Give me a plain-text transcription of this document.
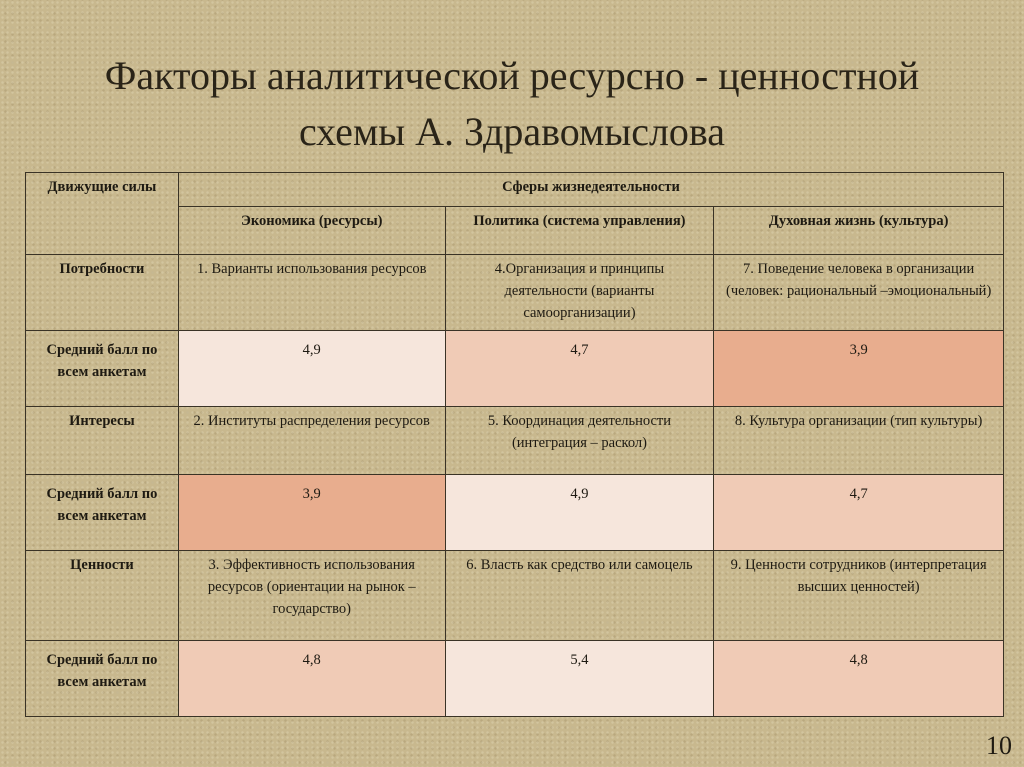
Факторы аналитической ресурсно - ценностной
схемы А. Здравомыслова
Движущие силы	Сферы жизнедеятельности		
	Экономика (ресурсы)	Политика (система управления)	Духовная жизнь (культура)
Потребности	1. Варианты использования ресурсов	4.Организация и принципы деятельности (варианты самоорганизации)	7. Поведение человека в организации (человек: рациональный –эмоциональный)
Средний балл по всем анкетам	4,9	4,7	3,9
Интересы	2. Институты распределения ресурсов	5. Координация деятельности (интеграция – раскол)	8. Культура организации (тип культуры)
Средний балл по всем анкетам	3,9	4,9	4,7
Ценности	3. Эффективность использования ресурсов (ориентации на рынок – государство)	6. Власть как средство или самоцель	9. Ценности сотрудников (интерпретация высших ценностей)
Средний балл по всем анкетам	4,8	5,4	4,8
10
